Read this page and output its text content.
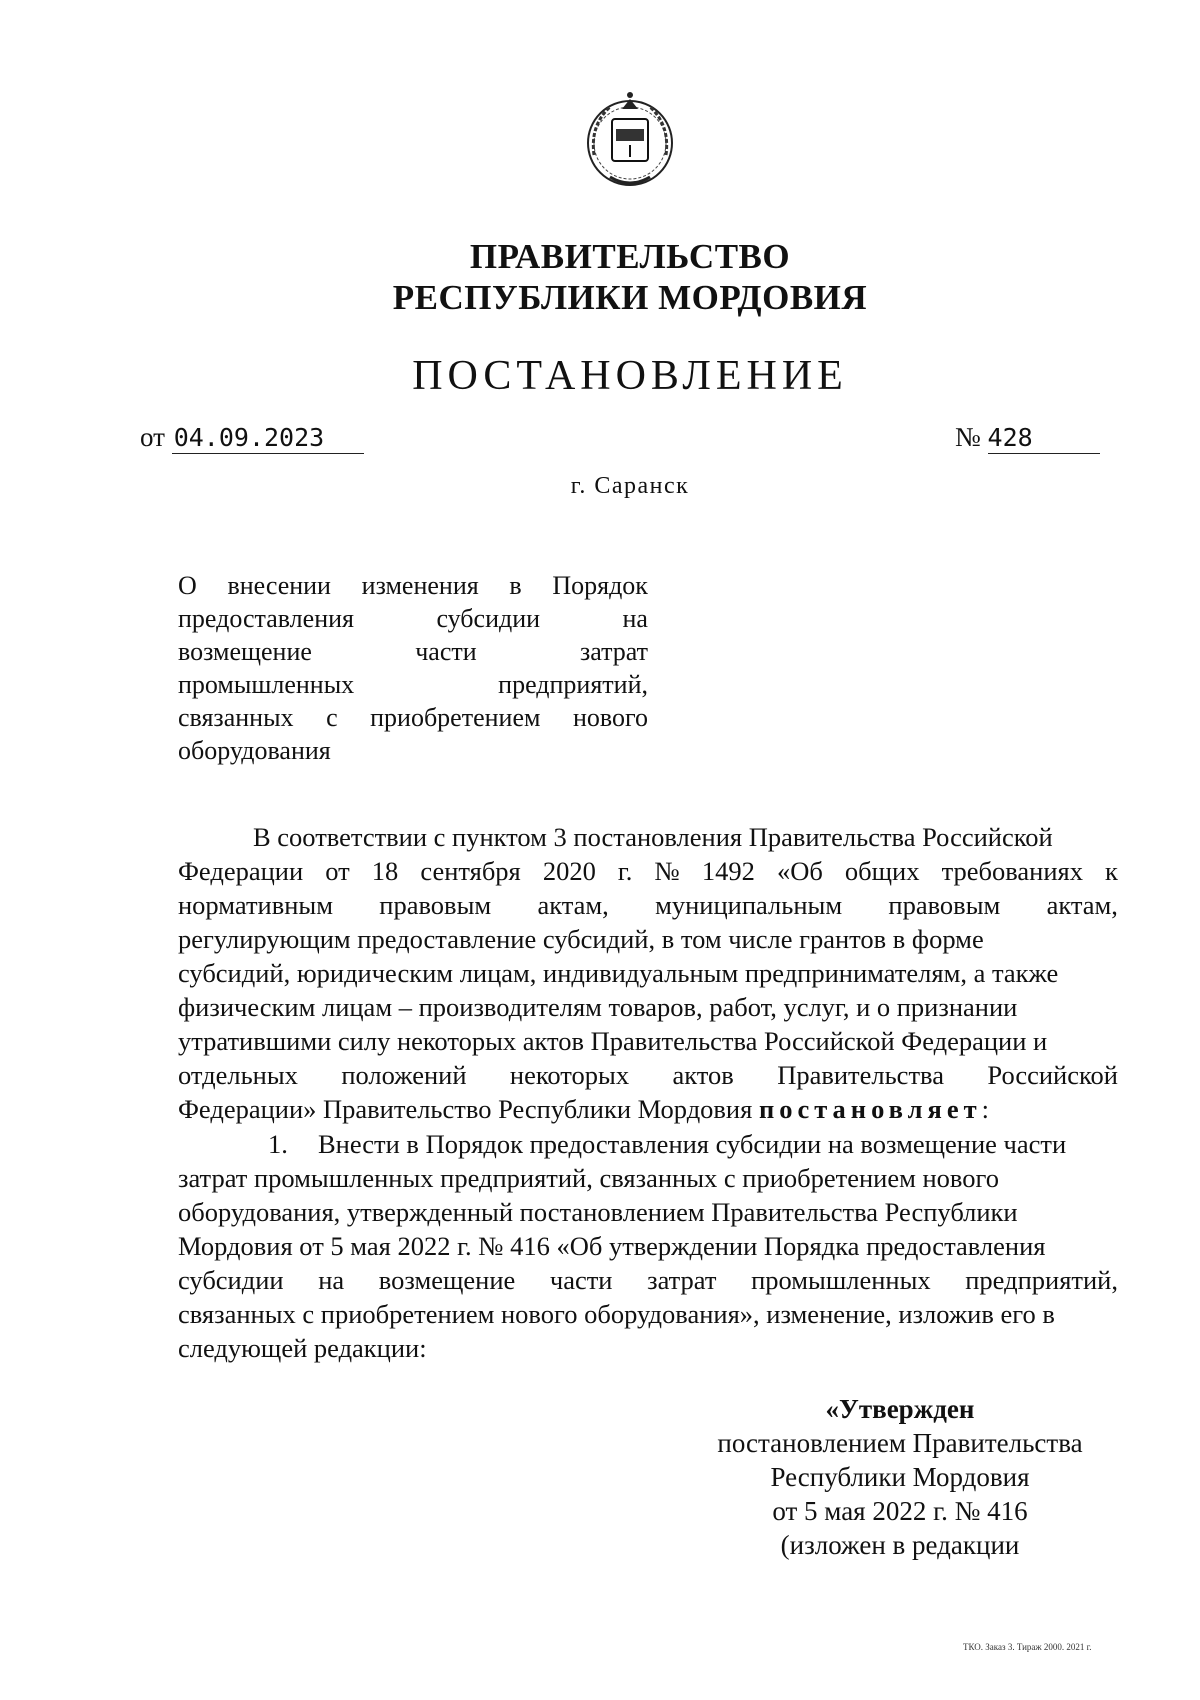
ПРАВИТЕЛЬСТВО
РЕСПУБЛИКИ МОРДОВИЯ
ПОСТАНОВЛЕНИЕ
от 04.09.2023	№ 428
г. Саранск
О внесении изменения в Порядок
предоставления	субсидии	на
возмещение	части	затрат
промышленных	предприятий,
связанных с приобретением нового
оборудования
В соответствии с пунктом 3 постановления Правительства Российской
Федерации от 18 сентября 2020 г. № 1492 «Об общих требованиях к
нормативным правовым актам, муниципальным правовым актам,
регулирующим предоставление субсидий, в том числе грантов в форме
субсидий, юридическим лицам, индивидуальным предпринимателям, а также
физическим лицам – производителям товаров, работ, услуг, и о признании
утратившими силу некоторых актов Правительства Российской Федерации и
отдельных положений некоторых актов Правительства Российской
Федерации» Правительство Республики Мордовия постановляет:
1. Внести в Порядок предоставления субсидии на возмещение части
затрат промышленных предприятий, связанных с приобретением нового
оборудования, утвержденный постановлением Правительства Республики
Мордовия от 5 мая 2022 г. № 416 «Об утверждении Порядка предоставления
субсидии на возмещение части затрат промышленных предприятий,
связанных с приобретением нового оборудования», изменение, изложив его в
следующей редакции:
«Утвержден
постановлением Правительства
Республики Мордовия
от 5 мая 2022 г. № 416
(изложен в редакции
ТКО. Заказ 3. Тираж 2000. 2021 г.
